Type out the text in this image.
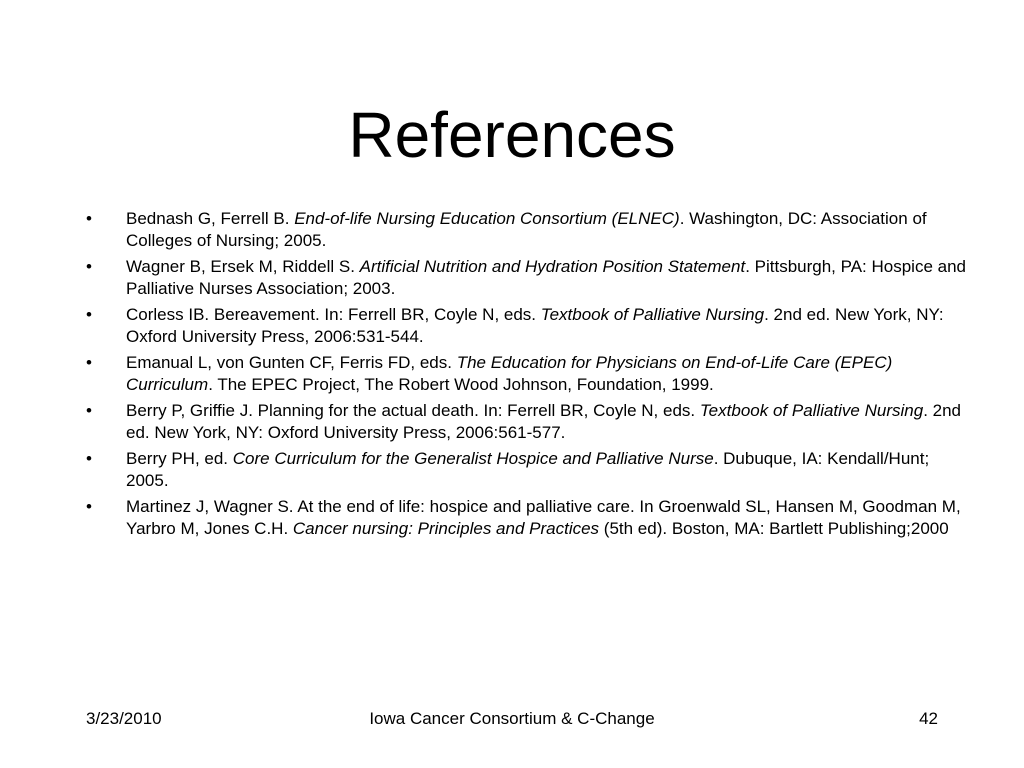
References
• Bednash G, Ferrell B. End-of-life Nursing Education Consortium (ELNEC). Washington, DC: Association of Colleges of Nursing; 2005.
• Wagner B, Ersek M, Riddell S. Artificial Nutrition and Hydration Position Statement. Pittsburgh, PA: Hospice and Palliative Nurses Association; 2003.
• Corless IB. Bereavement. In: Ferrell BR, Coyle N, eds. Textbook of Palliative Nursing. 2nd ed. New York, NY: Oxford University Press, 2006:531-544.
• Emanual L, von Gunten CF, Ferris FD, eds. The Education for Physicians on End-of-Life Care (EPEC) Curriculum. The EPEC Project, The Robert Wood Johnson, Foundation, 1999.
• Berry P, Griffie J. Planning for the actual death. In: Ferrell BR, Coyle N, eds. Textbook of Palliative Nursing. 2nd ed. New York, NY: Oxford University Press, 2006:561-577.
• Berry PH, ed. Core Curriculum for the Generalist Hospice and Palliative Nurse. Dubuque, IA: Kendall/Hunt; 2005.
• Martinez J, Wagner S. At the end of life: hospice and palliative care. In Groenwald SL, Hansen M, Goodman M, Yarbro M, Jones C.H. Cancer nursing: Principles and Practices (5th ed). Boston, MA: Bartlett Publishing;2000
3/23/2010	Iowa Cancer Consortium & C-Change	42
